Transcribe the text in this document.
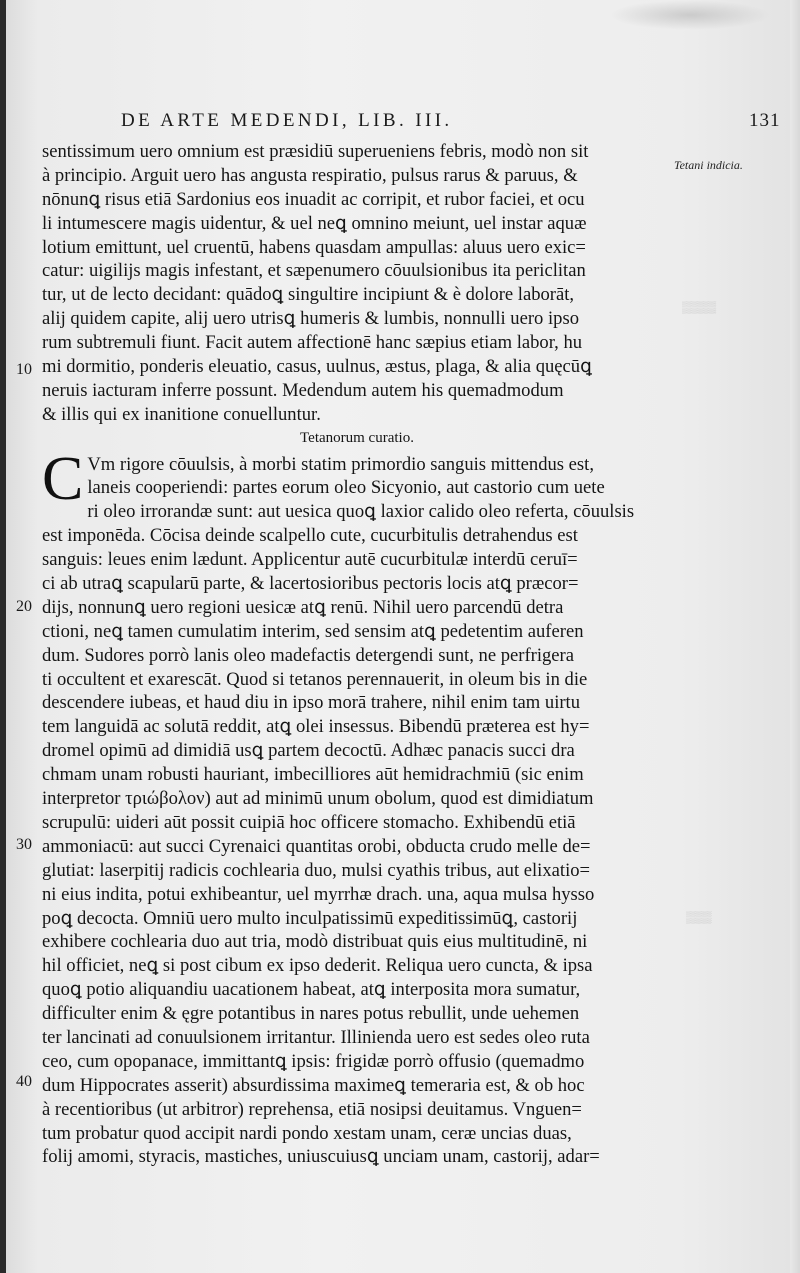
DE ARTE MEDENDI, LIB. III.	131
Tetani indicia.
▒▒▒▒
▒▒▒
10
20
30
40
sentissimum uero omnium est præsidiū superueniens febris, modò non sit
à principio. Arguit uero has angusta respiratio, pulsus rarus & paruus, &
nōnunꝗ risus etiā Sardonius eos inuadit ac corripit, et rubor faciei, et ocu
li intumescere magis uidentur, & uel neꝗ omnino meiunt, uel instar aquæ
lotium emittunt, uel cruentū, habens quasdam ampullas: aluus uero exic=
catur: uigilijs magis infestant, et sæpenumero cōuulsionibus ita periclitan
tur, ut de lecto decidant: quādoꝗ singultire incipiunt & è dolore laborāt,
alij quidem capite, alij uero utrisꝗ humeris & lumbis, nonnulli uero ipso
rum subtremuli fiunt. Facit autem affectionē hanc sæpius etiam labor, hu
mi dormitio, ponderis eleuatio, casus, uulnus, æstus, plaga, & alia quęcūꝗ
neruis iacturam inferre possunt. Medendum autem his quemadmodum
& illis qui ex inanitione conuelluntur.
Tetanorum curatio.
C Vm rigore cōuulsis, à morbi statim primordio sanguis mittendus est,
laneis cooperiendi: partes eorum oleo Sicyonio, aut castorio cum uete
ri oleo irrorandæ sunt: aut uesica quoꝗ laxior calido oleo referta, cōuulsis
est imponēda. Cōcisa deinde scalpello cute, cucurbitulis detrahendus est
sanguis: leues enim lædunt. Applicentur autē cucurbitulæ interdū ceruī=
ci ab utraꝗ scapularū parte, & lacertosioribus pectoris locis atꝗ præcor=
dijs, nonnunꝗ uero regioni uesicæ atꝗ renū. Nihil uero parcendū detra
ctioni, neꝗ tamen cumulatim interim, sed sensim atꝗ pedetentim auferen
dum. Sudores porrò lanis oleo madefactis detergendi sunt, ne perfrigera
ti occultent et exarescāt. Quod si tetanos perennauerit, in oleum bis in die
descendere iubeas, et haud diu in ipso morā trahere, nihil enim tam uirtu
tem languidā ac solutā reddit, atꝗ olei insessus. Bibendū præterea est hy=
dromel opimū ad dimidiā usꝗ partem decoctū. Adhæc panacis succi dra
chmam unam robusti hauriant, imbecilliores aūt hemidrachmiū (sic enim
interpretor τριώβολον) aut ad minimū unum obolum, quod est dimidiatum
scrupulū: uideri aūt possit cuipiā hoc officere stomacho. Exhibendū etiā
ammoniacū: aut succi Cyrenaici quantitas orobi, obducta crudo melle de=
glutiat: laserpitij radicis cochlearia duo, mulsi cyathis tribus, aut elixatio=
ni eius indita, potui exhibeantur, uel myrrhæ drach. una, aqua mulsa hysso
poꝗ decocta. Omniū uero multo inculpatissimū expeditissimūꝗ, castorij
exhibere cochlearia duo aut tria, modò distribuat quis eius multitudinē, ni
hil officiet, neꝗ si post cibum ex ipso dederit. Reliqua uero cuncta, & ipsa
quoꝗ potio aliquandiu uacationem habeat, atꝗ interposita mora sumatur,
difficulter enim & ęgre potantibus in nares potus rebullit, unde uehemen
ter lancinati ad conuulsionem irritantur. Illinienda uero est sedes oleo ruta
ceo, cum opopanace, immittantꝗ ipsis: frigidæ porrò offusio (quemadmo
dum Hippocrates asserit) absurdissima maximeꝗ temeraria est, & ob hoc
à recentioribus (ut arbitror) reprehensa, etiā nosipsi deuitamus. Vnguen=
tum probatur quod accipit nardi pondo xestam unam, ceræ uncias duas,
folij amomi, styracis, mastiches, uniuscuiusꝗ unciam unam, castorij, adar=
